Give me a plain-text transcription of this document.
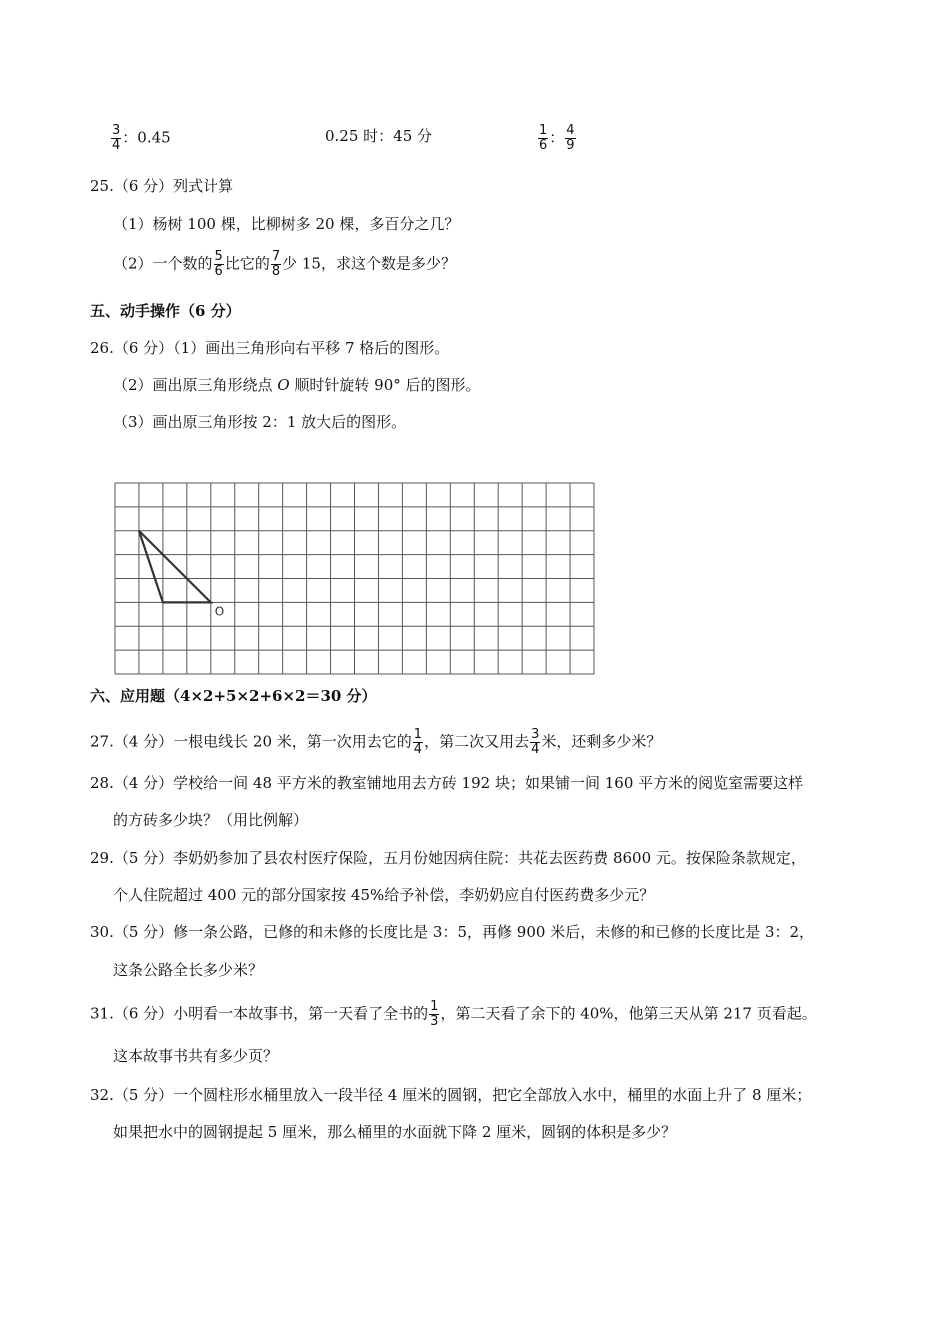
$\frac{3}{4}$ ：0.45	0.25 时：45 分	$\frac{1}{6}$ ： $\frac{4}{9}$
25.（6 分）列式计算
（1）杨树 100 棵，比柳树多 20 棵，多百分之几？
（2）一个数的 $\frac{5}{6}$ 比它的 $\frac{7}{8}$ 少 15，求这个数是多少？
五、动手操作（6 分）
26.（6 分）（1）画出三角形向右平移 7 格后的图形。
（2）画出原三角形绕点 O 顺时针旋转 90° 后的图形。
（3）画出原三角形按 2：1 放大后的图形。
O
六、应用题（4×2+5×2+6×2＝30 分）
27.（4 分）一根电线长 20 米，第一次用去它的 $\frac{1}{4}$ ，第二次又用去 $\frac{3}{4}$ 米，还剩多少米？
28.（4 分）学校给一间 48 平方米的教室铺地用去方砖 192 块；如果铺一间 160 平方米的阅览室需要这样
的方砖多少块？（用比例解）
29.（5 分）李奶奶参加了县农村医疗保险，五月份她因病住院：共花去医药费 8600 元。按保险条款规定，
个人住院超过 400 元的部分国家按 45%给予补偿，李奶奶应自付医药费多少元？
30.（5 分）修一条公路，已修的和未修的长度比是 3：5，再修 900 米后，未修的和已修的长度比是 3：2，
这条公路全长多少米？
31.（6 分）小明看一本故事书，第一天看了全书的 $\frac{1}{3}$ ，第二天看了余下的 40%，他第三天从第 217 页看起。
这本故事书共有多少页？
32.（5 分）一个圆柱形水桶里放入一段半径 4 厘米的圆钢，把它全部放入水中，桶里的水面上升了 8 厘米；
如果把水中的圆钢提起 5 厘米，那么桶里的水面就下降 2 厘米，圆钢的体积是多少？
